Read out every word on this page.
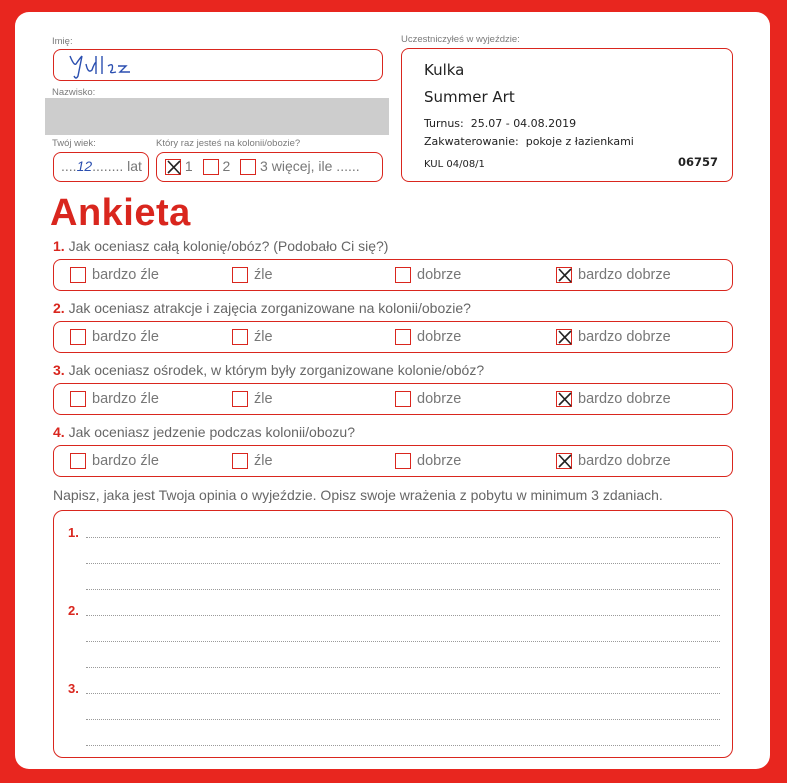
Imię:
Nazwisko:
Twój wiek:
....12........ lat
Który raz jesteś na kolonii/obozie?
1 2 3 więcej, ile ......
Uczestniczyłeś w wyjeździe:
Kulka
Summer Art
Turnus: 25.07 - 04.08.2019
Zakwaterowanie: pokoje z łazienkami
KUL 04/08/1	06757
Ankieta
1. Jak oceniasz całą kolonię/obóz? (Podobało Ci się?)
bardzo źle	źle	dobrze	bardzo dobrze
2. Jak oceniasz atrakcje i zajęcia zorganizowane na kolonii/obozie?
bardzo źle	źle	dobrze	bardzo dobrze
3. Jak oceniasz ośrodek, w którym były zorganizowane kolonie/obóz?
bardzo źle	źle	dobrze	bardzo dobrze
4. Jak oceniasz jedzenie podczas kolonii/obozu?
bardzo źle	źle	dobrze	bardzo dobrze
Napisz, jaka jest Twoja opinia o wyjeździe. Opisz swoje wrażenia z pobytu w minimum 3 zdaniach.
1.
2.
3.
